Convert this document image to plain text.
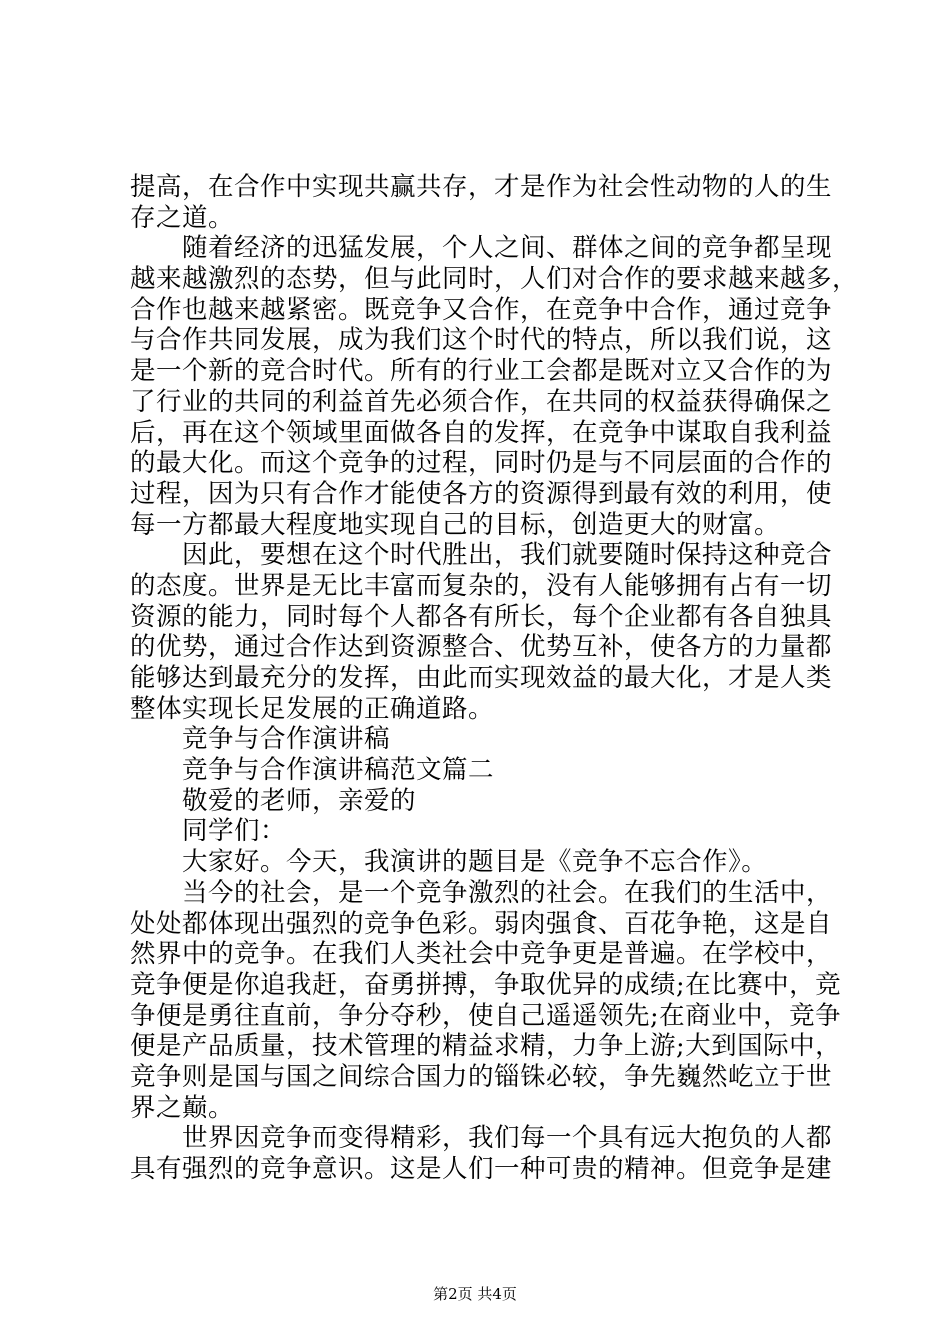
提高，在合作中实现共赢共存，才是作为社会性动物的人的生
存之道。
　　随着经济的迅猛发展，个人之间、群体之间的竞争都呈现
越来越激烈的态势，但与此同时，人们对合作的要求越来越多，
合作也越来越紧密。既竞争又合作，在竞争中合作，通过竞争
与合作共同发展，成为我们这个时代的特点，所以我们说，这
是一个新的竞合时代。所有的行业工会都是既对立又合作的为
了行业的共同的利益首先必须合作，在共同的权益获得确保之
后，再在这个领域里面做各自的发挥，在竞争中谋取自我利益
的最大化。而这个竞争的过程，同时仍是与不同层面的合作的
过程，因为只有合作才能使各方的资源得到最有效的利用，使
每一方都最大程度地实现自己的目标，创造更大的财富。
　　因此，要想在这个时代胜出，我们就要随时保持这种竞合
的态度。世界是无比丰富而复杂的，没有人能够拥有占有一切
资源的能力，同时每个人都各有所长，每个企业都有各自独具
的优势，通过合作达到资源整合、优势互补，使各方的力量都
能够达到最充分的发挥，由此而实现效益的最大化，才是人类
整体实现长足发展的正确道路。
　　竞争与合作演讲稿
　　竞争与合作演讲稿范文篇二
　　敬爱的老师，亲爱的
　　同学们：
　　大家好。今天，我演讲的题目是《竞争不忘合作》。
　　当今的社会，是一个竞争激烈的社会。在我们的生活中，
处处都体现出强烈的竞争色彩。弱肉强食、百花争艳，这是自
然界中的竞争。在我们人类社会中竞争更是普遍。在学校中，
竞争便是你追我赶，奋勇拼搏，争取优异的成绩;在比赛中，竞
争便是勇往直前，争分夺秒，使自己遥遥领先;在商业中，竞争
便是产品质量，技术管理的精益求精，力争上游;大到国际中，
竞争则是国与国之间综合国力的锱铢必较，争先巍然屹立于世
界之巅。
　　世界因竞争而变得精彩，我们每一个具有远大抱负的人都
具有强烈的竞争意识。这是人们一种可贵的精神。但竞争是建
第2页 共4页
